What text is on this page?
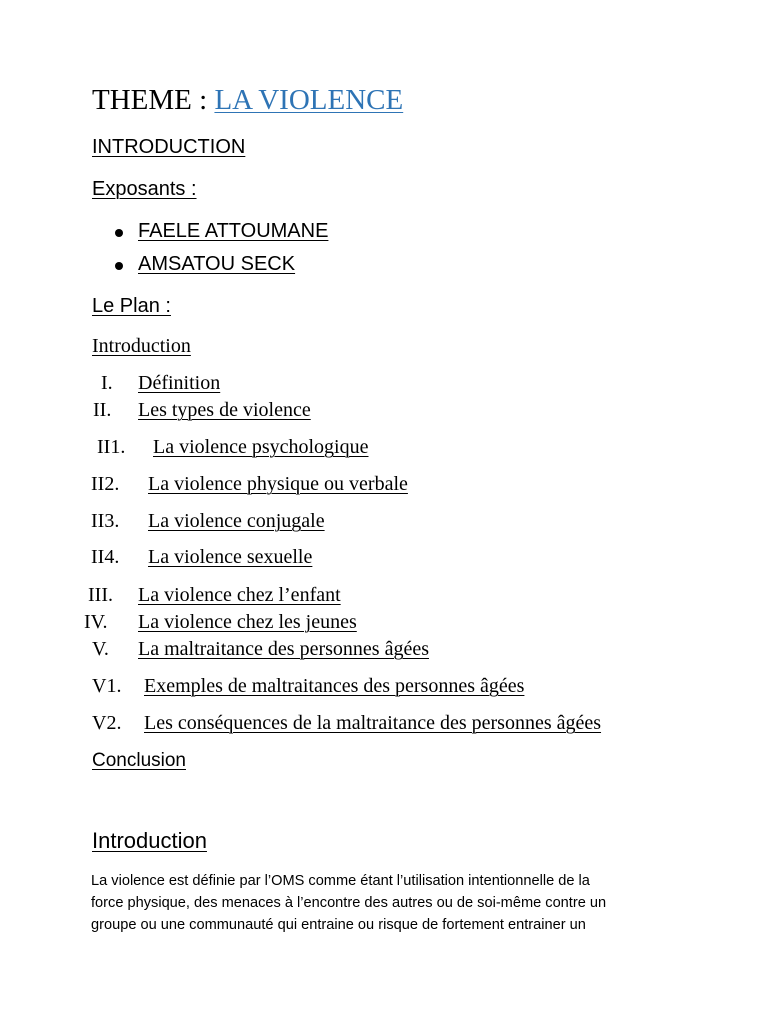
THEME : LA VIOLENCE
INTRODUCTION
Exposants :
FAELE ATTOUMANE
AMSATOU SECK
Le Plan :
Introduction
I. Définition
II. Les types de violence
II1. La violence psychologique
II2. La violence physique ou verbale
II3. La violence conjugale
II4. La violence sexuelle
III. La violence chez l’enfant
IV. La violence chez les jeunes
V. La maltraitance des personnes âgées
V1. Exemples de maltraitances des personnes âgées
V2. Les conséquences de la maltraitance des personnes âgées
Conclusion
Introduction
La violence est définie par l’OMS comme étant l’utilisation intentionnelle de la
force physique, des menaces à l’encontre des autres ou de soi-même contre un
groupe ou une communauté qui entraine ou risque de fortement entrainer un
